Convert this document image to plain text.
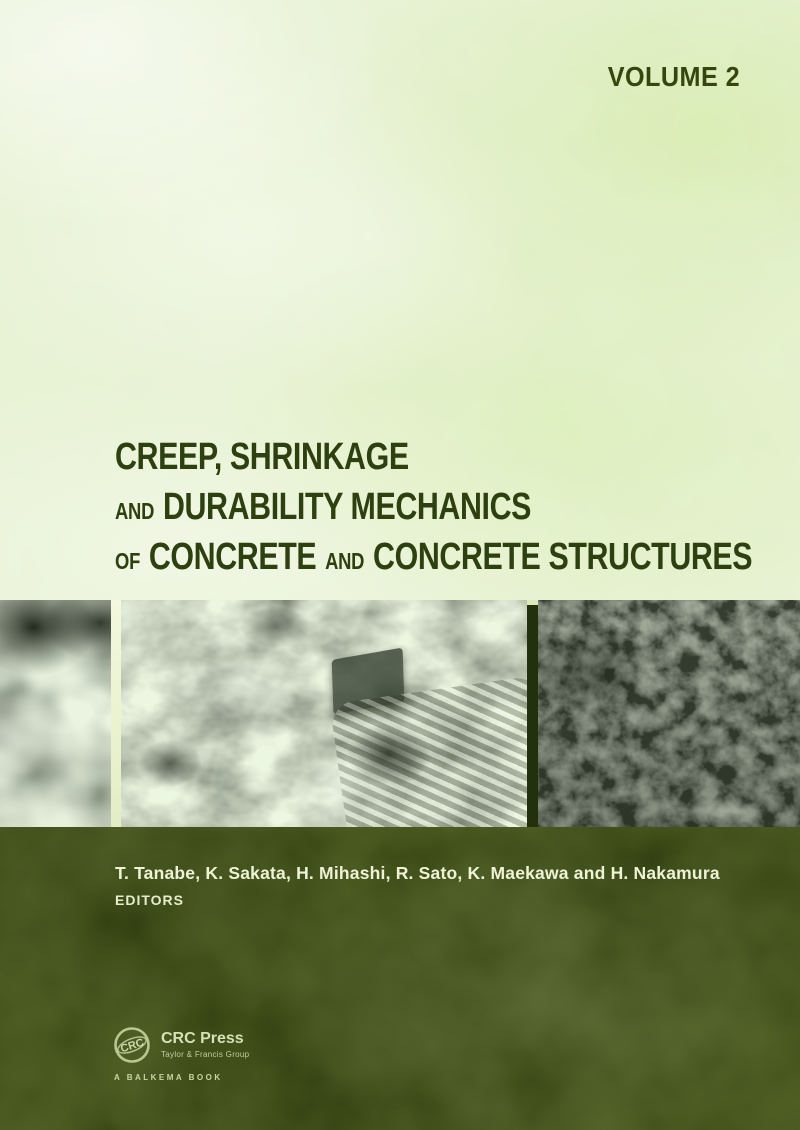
VOLUME 2
CREEP, SHRINKAGE
AND DURABILITY MECHANICS
OF CONCRETE AND CONCRETE STRUCTURES
T. Tanabe, K. Sakata, H. Mihashi, R. Sato, K. Maekawa and H. Nakamura
EDITORS
CRC CRC Press
Taylor & Francis Group
A BALKEMA BOOK
